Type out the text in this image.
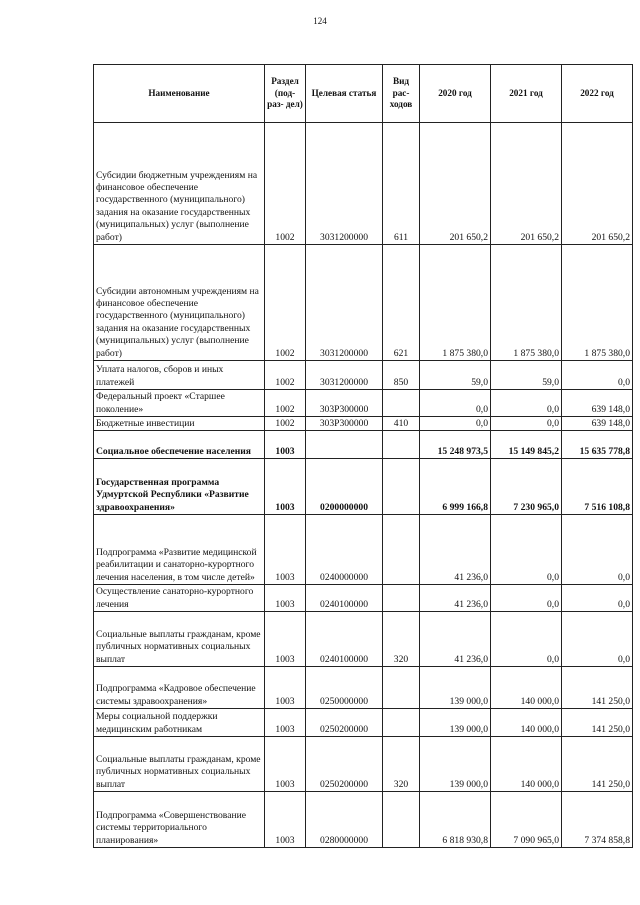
124
Наименование	Раздел (под- раз- дел)	Целевая статья	Вид рас- ходов	2020 год	2021 год	2022 год
Субсидии бюджетным учреждениям на финансовое обеспечение государственного (муниципального) задания на оказание государственных (муниципальных) услуг (выполнение работ)	1002	3031200000	611	201 650,2	201 650,2	201 650,2
Субсидии автономным учреждениям на финансовое обеспечение государственного (муниципального) задания на оказание государственных (муниципальных) услуг (выполнение работ)	1002	3031200000	621	1 875 380,0	1 875 380,0	1 875 380,0
Уплата налогов, сборов и иных платежей	1002	3031200000	850	59,0	59,0	0,0
Федеральный проект «Старшее поколение»	1002	303P300000		0,0	0,0	639 148,0
Бюджетные инвестиции	1002	303P300000	410	0,0	0,0	639 148,0
Социальное обеспечение населения	1003			15 248 973,5	15 149 845,2	15 635 778,8
Государственная программа Удмуртской Республики «Развитие здравоохранения»	1003	0200000000		6 999 166,8	7 230 965,0	7 516 108,8
Подпрограмма «Развитие медицинской реабилитации и санаторно-курортного лечения населения, в том числе детей»	1003	0240000000		41 236,0	0,0	0,0
Осуществление санаторно-курортного лечения	1003	0240100000		41 236,0	0,0	0,0
Социальные выплаты гражданам, кроме публичных нормативных социальных выплат	1003	0240100000	320	41 236,0	0,0	0,0
Подпрограмма «Кадровое обеспечение системы здравоохранения»	1003	0250000000		139 000,0	140 000,0	141 250,0
Меры социальной поддержки медицинским работникам	1003	0250200000		139 000,0	140 000,0	141 250,0
Социальные выплаты гражданам, кроме публичных нормативных социальных выплат	1003	0250200000	320	139 000,0	140 000,0	141 250,0
Подпрограмма «Совершенствование системы территориального планирования»	1003	0280000000		6 818 930,8	7 090 965,0	7 374 858,8
